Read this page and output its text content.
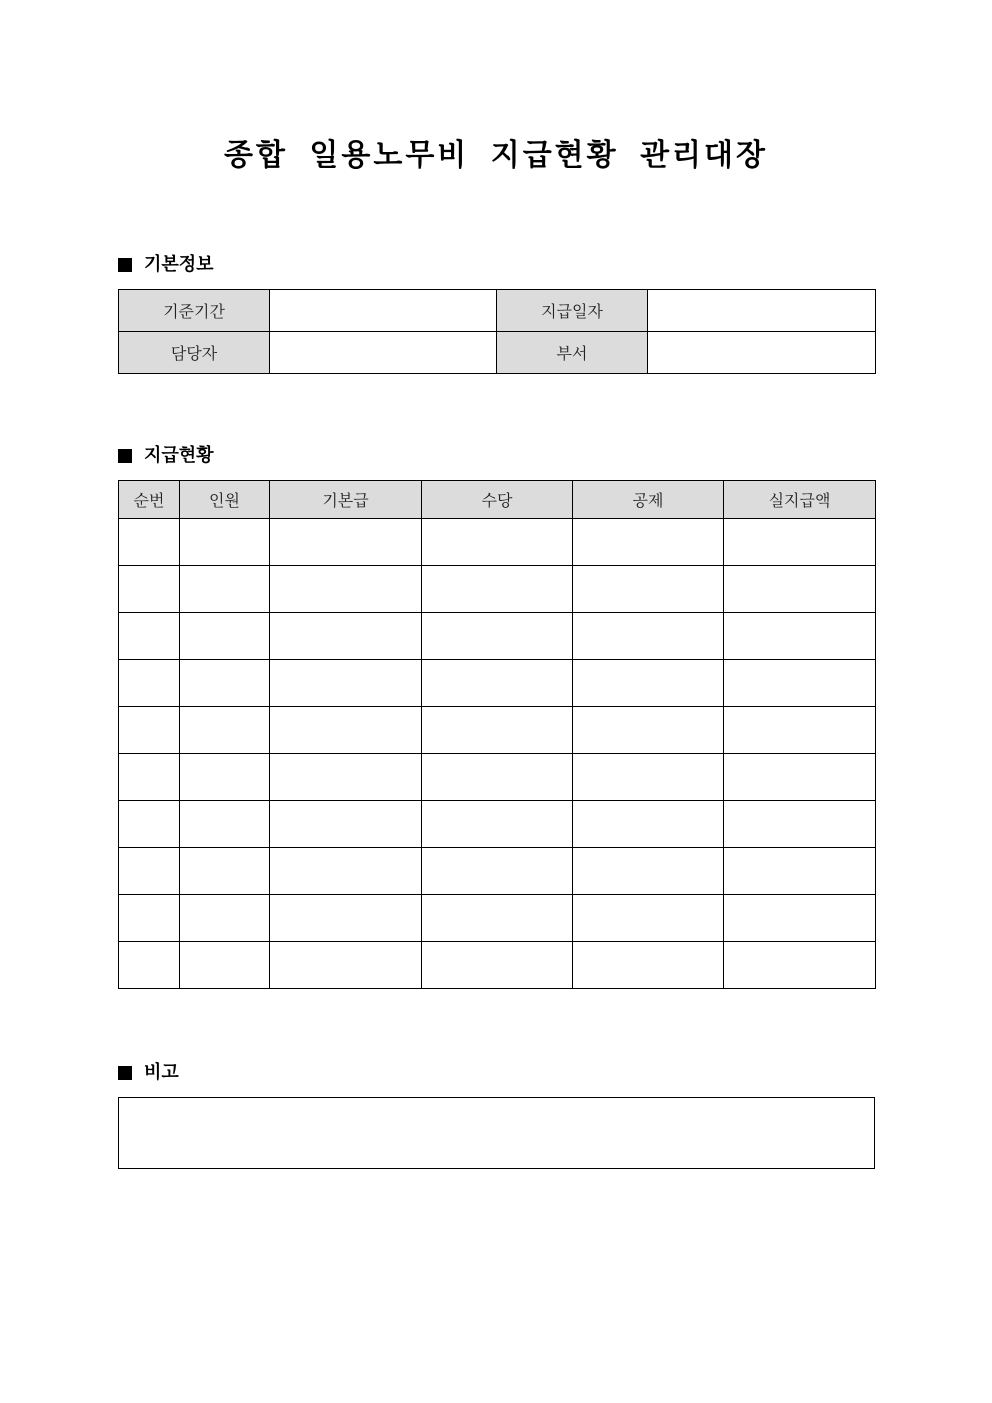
종합 일용노무비 지급현황 관리대장
기본정보
기준기간		지급일자	
담당자		부서	
지급현황
순번	인원	기본급	수당	공제	실지급액

비고
